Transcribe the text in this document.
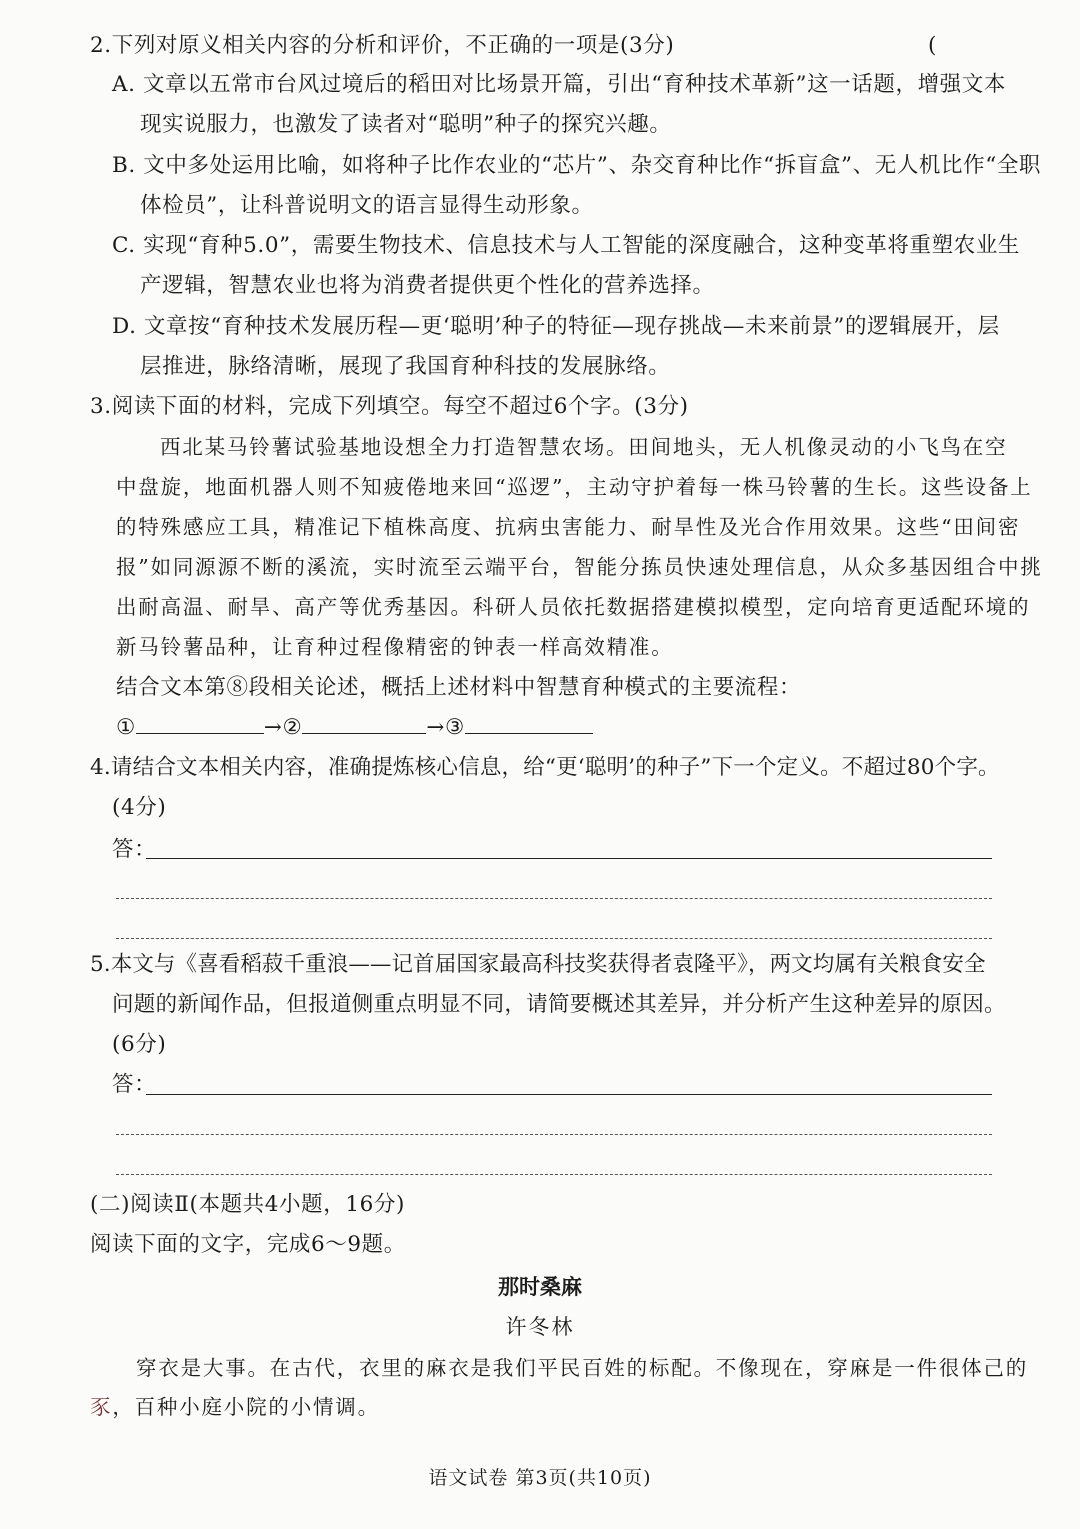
2.下列对原义相关内容的分析和评价，不正确的一项是(3分)	(
A. 文章以五常市台风过境后的稻田对比场景开篇，引出“育种技术革新”这一话题，增强文本
现实说服力，也激发了读者对“聪明”种子的探究兴趣。
B. 文中多处运用比喻，如将种子比作农业的“芯片”、杂交育种比作“拆盲盒”、无人机比作“全职
体检员”，让科普说明文的语言显得生动形象。
C. 实现“育种5.0”，需要生物技术、信息技术与人工智能的深度融合，这种变革将重塑农业生
产逻辑，智慧农业也将为消费者提供更个性化的营养选择。
D. 文章按“育种技术发展历程—更‘聪明’种子的特征—现存挑战—未来前景”的逻辑展开，层
层推进，脉络清晰，展现了我国育种科技的发展脉络。
3.阅读下面的材料，完成下列填空。每空不超过6个字。(3分)
西北某马铃薯试验基地设想全力打造智慧农场。田间地头，无人机像灵动的小飞鸟在空
中盘旋，地面机器人则不知疲倦地来回“巡逻”，主动守护着每一株马铃薯的生长。这些设备上
的特殊感应工具，精准记下植株高度、抗病虫害能力、耐旱性及光合作用效果。这些“田间密
报”如同源源不断的溪流，实时流至云端平台，智能分拣员快速处理信息，从众多基因组合中挑
出耐高温、耐旱、高产等优秀基因。科研人员依托数据搭建模拟模型，定向培育更适配环境的
新马铃薯品种，让育种过程像精密的钟表一样高效精准。
结合文本第⑧段相关论述，概括上述材料中智慧育种模式的主要流程：
①	→②	→③
4.请结合文本相关内容，准确提炼核心信息，给“更‘聪明’的种子”下一个定义。不超过80个字。
(4分)
答：
5.本文与《喜看稻菽千重浪——记首届国家最高科技奖获得者袁隆平》，两文均属有关粮食安全
问题的新闻作品，但报道侧重点明显不同，请简要概述其差异，并分析产生这种差异的原因。
(6分)
答：
(二)阅读Ⅱ(本题共4小题，16分)
阅读下面的文字，完成6～9题。
那时桑麻
许冬林
穿衣是大事。在古代，衣里的麻衣是我们平民百姓的标配。不像现在，穿麻是一件很体己的
豕，百种小庭小院的小情调。
语文试卷 第3页(共10页)
